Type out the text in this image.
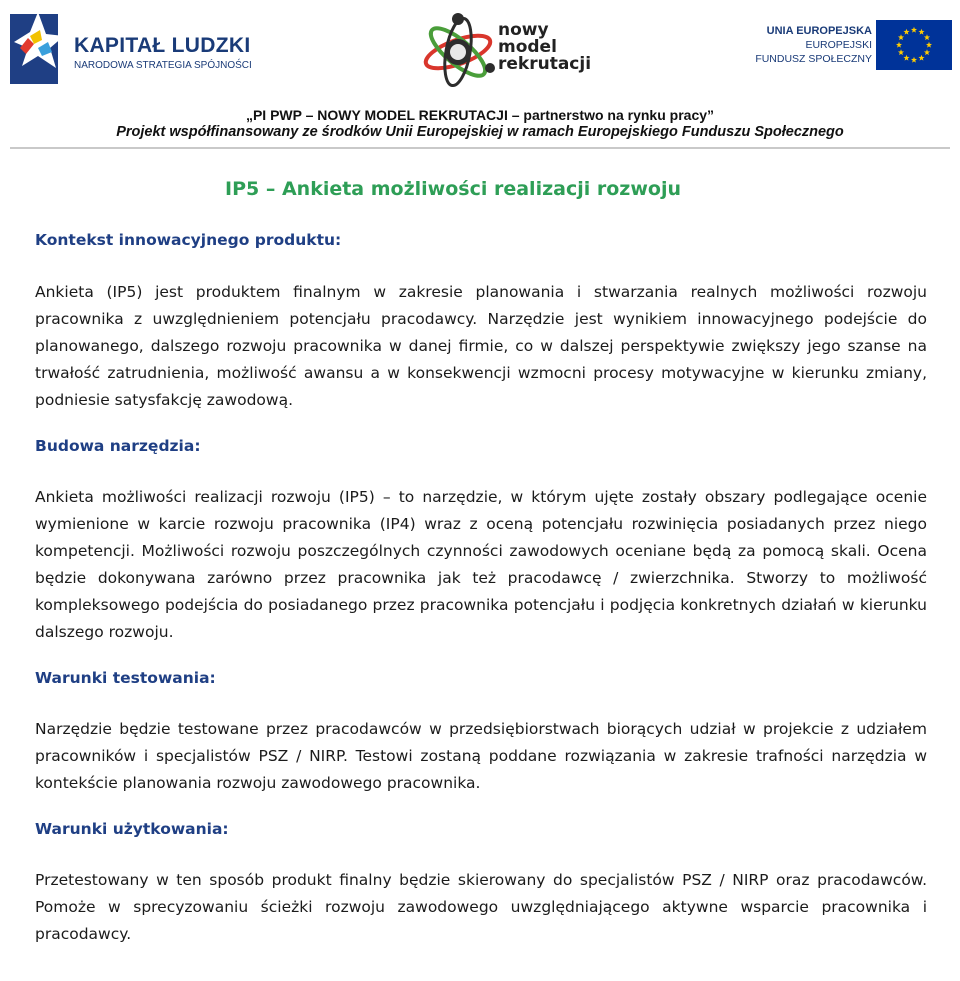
KAPITAŁ LUDZKI
NARODOWA STRATEGIA SPÓJNOŚCI
nowy
model
rekrutacji
UNIA EUROPEJSKA
EUROPEJSKI
FUNDUSZ SPOŁECZNY
„PI PWP – NOWY MODEL REKRUTACJI – partnerstwo na rynku pracy”
Projekt współfinansowany ze środków Unii Europejskiej w ramach Europejskiego Funduszu Społecznego
IP5 – Ankieta możliwości realizacji rozwoju

Kontekst innowacyjnego produktu:

Ankieta (IP5) jest produktem finalnym w zakresie planowania i stwarzania realnych możliwości rozwoju pracownika z uwzględnieniem potencjału pracodawcy. Narzędzie jest wynikiem innowacyjnego podejście do planowanego, dalszego rozwoju pracownika w danej firmie, co w dalszej perspektywie zwiększy jego szanse na trwałość zatrudnienia, możliwość awansu a w konsekwencji wzmocni procesy motywacyjne w kierunku zmiany, podniesie satysfakcję zawodową.

Budowa narzędzia:

Ankieta możliwości realizacji rozwoju (IP5) – to narzędzie, w którym ujęte zostały obszary podlegające ocenie wymienione w karcie rozwoju pracownika (IP4) wraz z oceną potencjału rozwinięcia posiadanych przez niego kompetencji. Możliwości rozwoju poszczególnych czynności zawodowych oceniane będą za pomocą skali. Ocena będzie dokonywana zarówno przez pracownika jak też pracodawcę / zwierzchnika. Stworzy to możliwość kompleksowego podejścia do posiadanego przez pracownika potencjału i podjęcia konkretnych działań w kierunku dalszego rozwoju.

Warunki testowania:

Narzędzie będzie testowane przez pracodawców w przedsiębiorstwach biorących udział w projekcie z udziałem pracowników i specjalistów PSZ / NIRP. Testowi zostaną poddane rozwiązania w zakresie trafności narzędzia w kontekście planowania rozwoju zawodowego pracownika.

Warunki użytkowania:

Przetestowany w ten sposób produkt finalny będzie skierowany do specjalistów PSZ / NIRP oraz pracodawców. Pomoże w sprecyzowaniu ścieżki rozwoju zawodowego uwzględniającego aktywne wsparcie pracownika i pracodawcy.
